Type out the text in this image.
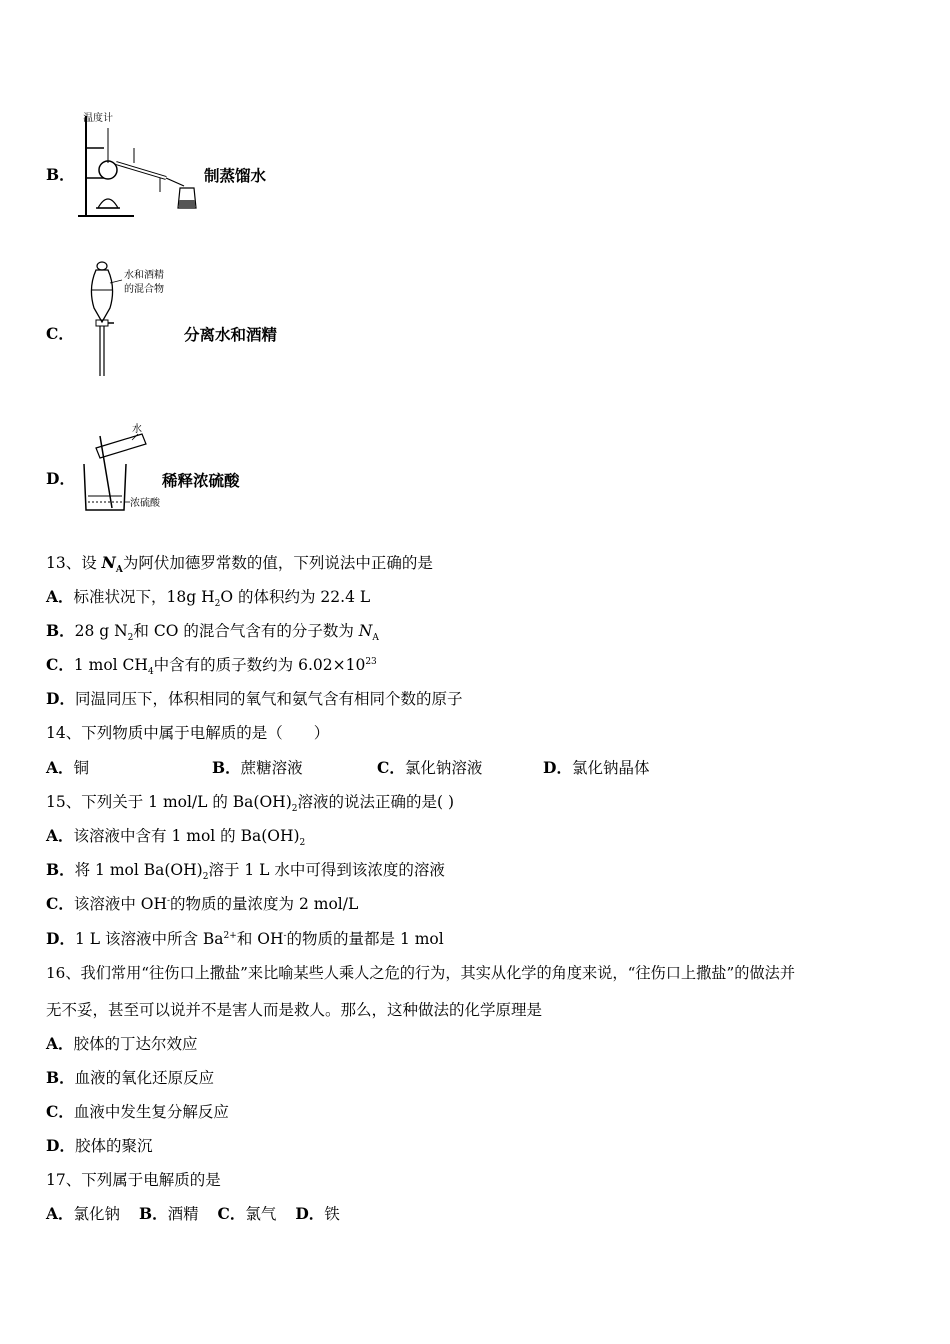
B．
温度计
制蒸馏水
C．
水和酒精
的混合物
分离水和酒精
D．
水
浓硫酸
稀释浓硫酸
13、设 $N_A$为阿伏加德罗常数的值，下列说法中正确的是
A．标准状况下，18g $H_2O$ 的体积约为 22.4 L
B．28 g $N_2$和 CO 的混合气含有的分子数为 $N_A$
C．1 mol $CH_4$中含有的质子数约为 $6.02\times 10^{23}$
D．同温同压下，体积相同的氧气和氨气含有相同个数的原子
14、下列物质中属于电解质的是（　　）
A．铜	B．蔗糖溶液	C．氯化钠溶液	D．氯化钠晶体
15、下列关于 1 mol/L 的 $Ba(OH)_2$溶液的说法正确的是( )
A．该溶液中含有 1 mol 的 $Ba(OH)_2$
B．将 1 mol $Ba(OH)_2$溶于 1 L 水中可得到该浓度的溶液
C．该溶液中 OH-的物质的量浓度为 2 mol/L
D．1 L 该溶液中所含 $Ba^{2+}$和 OH-的物质的量都是 1 mol
16、我们常用“往伤口上撒盐”来比喻某些人乘人之危的行为，其实从化学的角度来说，“往伤口上撒盐”的做法并
无不妥，甚至可以说并不是害人而是救人。那么，这种做法的化学原理是
A．胶体的丁达尔效应
B．血液的氧化还原反应
C．血液中发生复分解反应
D．胶体的聚沉
17、下列属于电解质的是
A．氯化钠 B．酒精 C．氯气 D．铁
